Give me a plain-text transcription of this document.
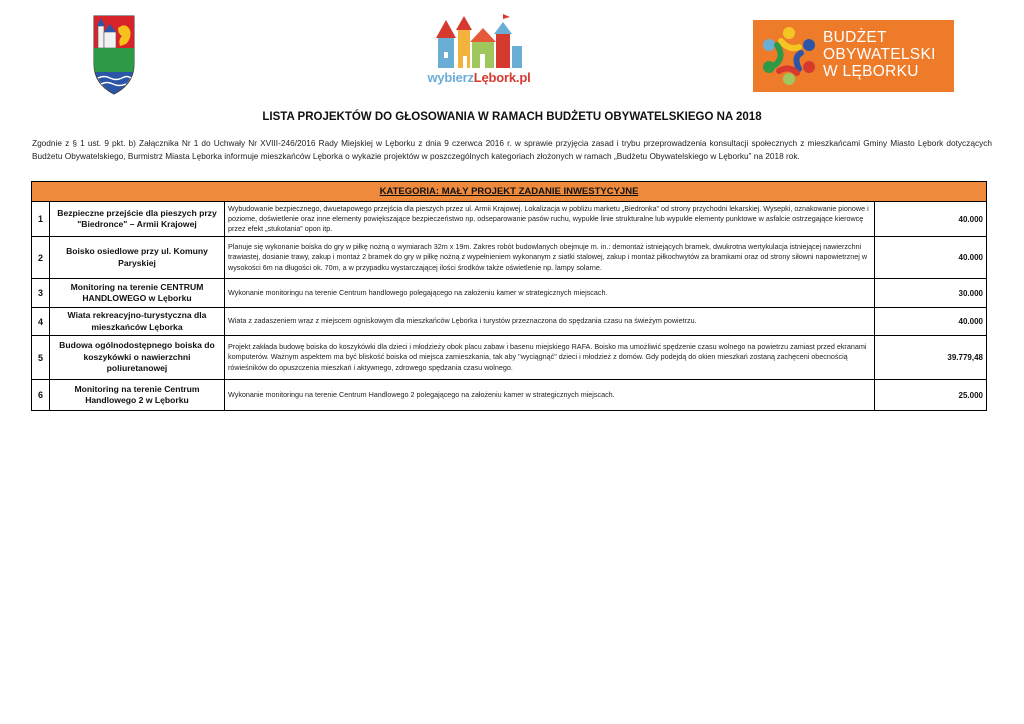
wybierzLębork.pl
BUDŻET
OBYWATELSKI
W LĘBORKU
LISTA PROJEKTÓW DO GŁOSOWANIA W RAMACH BUDŻETU OBYWATELSKIEGO NA 2018
Zgodnie z § 1 ust. 9 pkt. b) Załącznika Nr 1 do Uchwały Nr XVIII-246/2016 Rady Miejskiej w Lęborku z dnia 9 czerwca 2016 r. w sprawie przyjęcia zasad i trybu przeprowadzenia konsultacji społecznych z mieszkańcami Gminy Miasto Lębork dotyczących Budżetu Obywatelskiego, Burmistrz Miasta Lęborka informuje mieszkańców Lęborka o wykazie projektów w poszczególnych kategoriach złożonych w ramach „Budżetu Obywatelskiego w Lęborku” na 2018 rok.
KATEGORIA: MAŁY PROJEKT ZADANIE INWESTYCYJNE			
1	Bezpieczne przejście dla pieszych przy "Biedronce" – Armii Krajowej	Wybudowanie bezpiecznego, dwuetapowego przejścia dla pieszych przez ul. Armii Krajowej. Lokalizacja w pobliżu marketu „Biedronka” od strony przychodni lekarskiej. Wysepki, oznakowanie pionowe i poziome, doświetlenie oraz inne elementy powiększające bezpieczeństwo np. odseparowanie pasów ruchu, wypukłe linie strukturalne lub wypukłe elementy punktowe w asfalcie ostrzegające kierowcę przez efekt „stukotania” opon itp.	40.000
2	Boisko osiedlowe przy ul. Komuny Paryskiej	Planuje się wykonanie boiska do gry w piłkę nożną o wymiarach 32m x 19m. Zakres robót budowlanych obejmuje m. in.: demontaż istniejących bramek, dwukrotna wertykulacja istniejącej nawierzchni trawiastej, dosianie trawy, zakup i montaż 2 bramek do gry w piłkę nożną z wypełnieniem wykonanym z siatki stalowej, zakup i montaż piłkochwytów za bramkami oraz od strony siłowni napowietrznej w wysokości 6m na długości ok. 70m, a w przypadku wystarczającej ilości środków także oświetlenie np. lampy solarne.	40.000
3	Monitoring na terenie CENTRUM HANDLOWEGO w Lęborku	Wykonanie monitoringu na terenie Centrum handlowego polegającego na założeniu kamer w strategicznych miejscach.	30.000
4	Wiata rekreacyjno-turystyczna dla mieszkańców Lęborka	Wiata z zadaszeniem wraz z miejscem ogniskowym dla mieszkańców Lęborka i turystów przeznaczona do spędzania czasu na świeżym powietrzu.	40.000
5	Budowa ogólnodostępnego boiska do koszykówki o nawierzchni poliuretanowej	Projekt zakłada budowę boiska do koszykówki dla dzieci i młodzieży obok placu zabaw i basenu miejskiego RAFA. Boisko ma umożliwić spędzenie czasu wolnego na powietrzu zamiast przed ekranami komputerów. Ważnym aspektem ma być bliskość boiska od miejsca zamieszkania, tak aby "wyciągnąć" dzieci i młodzież z domów. Gdy podejdą do okien mieszkań zostaną zachęceni obecnością rówieśników do opuszczenia mieszkań i aktywnego, zdrowego spędzania czasu wolnego.	39.779,48
6	Monitoring na terenie Centrum Handlowego 2 w Lęborku	Wykonanie monitoringu na terenie Centrum Handlowego 2 polegającego na założeniu kamer w strategicznych miejscach.	25.000
